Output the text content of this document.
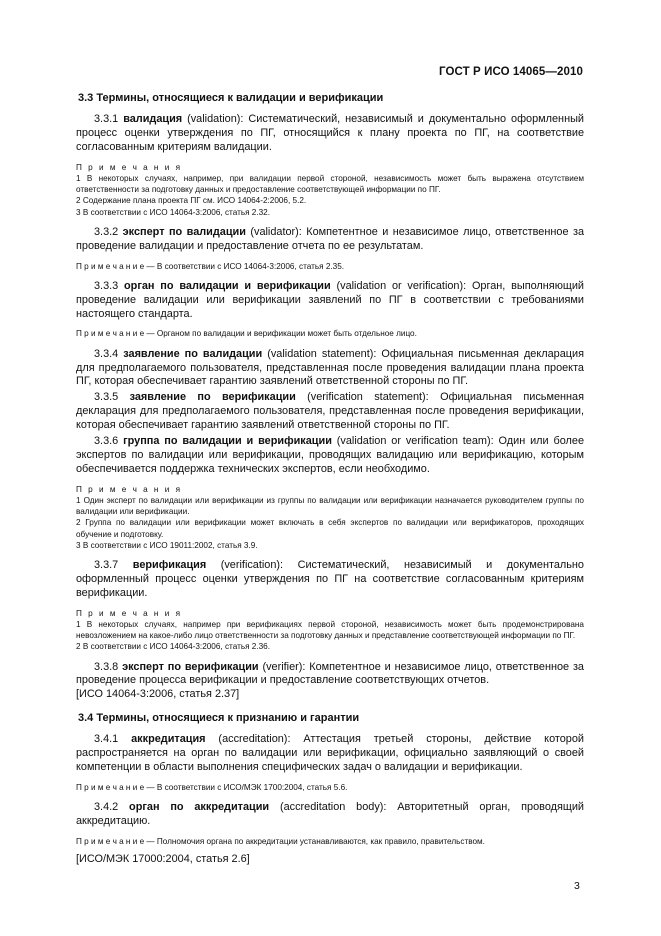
ГОСТ Р ИСО 14065—2010
3.3 Термины, относящиеся к валидации и верификации

3.3.1 валидация (validation): Систематический, независимый и документально оформленный процесс оценки утверждения по ПГ, относящийся к плану проекта по ПГ, на соответствие согласованным критериям валидации.

П р и м е ч а н и я

1 В некоторых случаях, например, при валидации первой стороной, независимость может быть выражена отсутствием ответственности за подготовку данных и предоставление соответствующей информации по ПГ.

2 Содержание плана проекта ПГ см. ИСО 14064-2:2006, 5.2.

3 В соответствии с ИСО 14064-3:2006, статья 2.32.

3.3.2 эксперт по валидации (validator): Компетентное и независимое лицо, ответственное за проведение валидации и предоставление отчета по ее результатам.

П р и м е ч а н и е — В соответствии с ИСО 14064-3:2006, статья 2.35.

3.3.3 орган по валидации и верификации (validation or verification): Орган, выполняющий проведение валидации или верификации заявлений по ПГ в соответствии с требованиями настоящего стандарта.

П р и м е ч а н и е — Органом по валидации и верификации может быть отдельное лицо.

3.3.4 заявление по валидации (validation statement): Официальная письменная декларация для предполагаемого пользователя, представленная после проведения валидации плана проекта ПГ, которая обеспечивает гарантию заявлений ответственной стороны по ПГ.

3.3.5 заявление по верификации (verification statement): Официальная письменная декларация для предполагаемого пользователя, представленная после проведения верификации, которая обеспечивает гарантию заявлений ответственной стороны по ПГ.

3.3.6 группа по валидации и верификации (validation or verification team): Один или более экспертов по валидации или верификации, проводящих валидацию или верификацию, которым обеспечивается поддержка технических экспертов, если необходимо.

П р и м е ч а н и я

1 Один эксперт по валидации или верификации из группы по валидации или верификации назначается руководителем группы по валидации или верификации.

2 Группа по валидации или верификации может включать в себя экспертов по валидации или верификаторов, проходящих обучение и подготовку.

3 В соответствии с ИСО 19011:2002, статья 3.9.

3.3.7 верификация (verification): Систематический, независимый и документально оформленный процесс оценки утверждения по ПГ на соответствие согласованным критериям верификации.

П р и м е ч а н и я

1 В некоторых случаях, например при верификациях первой стороной, независимость может быть продемонстрирована невозложением на какое-либо лицо ответственности за подготовку данных и представление соответствующей информации по ПГ.

2 В соответствии с ИСО 14064-3:2006, статья 2.36.

3.3.8 эксперт по верификации (verifier): Компетентное и независимое лицо, ответственное за проведение процесса верификации и предоставление соответствующих отчетов.

[ИСО 14064-3:2006, статья 2.37]

3.4 Термины, относящиеся к признанию и гарантии

3.4.1 аккредитация (accreditation): Аттестация третьей стороны, действие которой распространяется на орган по валидации или верификации, официально заявляющий о своей компетенции в области выполнения специфических задач о валидации и верификации.

П р и м е ч а н и е — В соответствии с ИСО/МЭК 1700:2004, статья 5.6.

3.4.2 орган по аккредитации (accreditation body): Авторитетный орган, проводящий аккредитацию.

П р и м е ч а н и е — Полномочия органа по аккредитации устанавливаются, как правило, правительством.

[ИСО/МЭК 17000:2004, статья 2.6]

3
